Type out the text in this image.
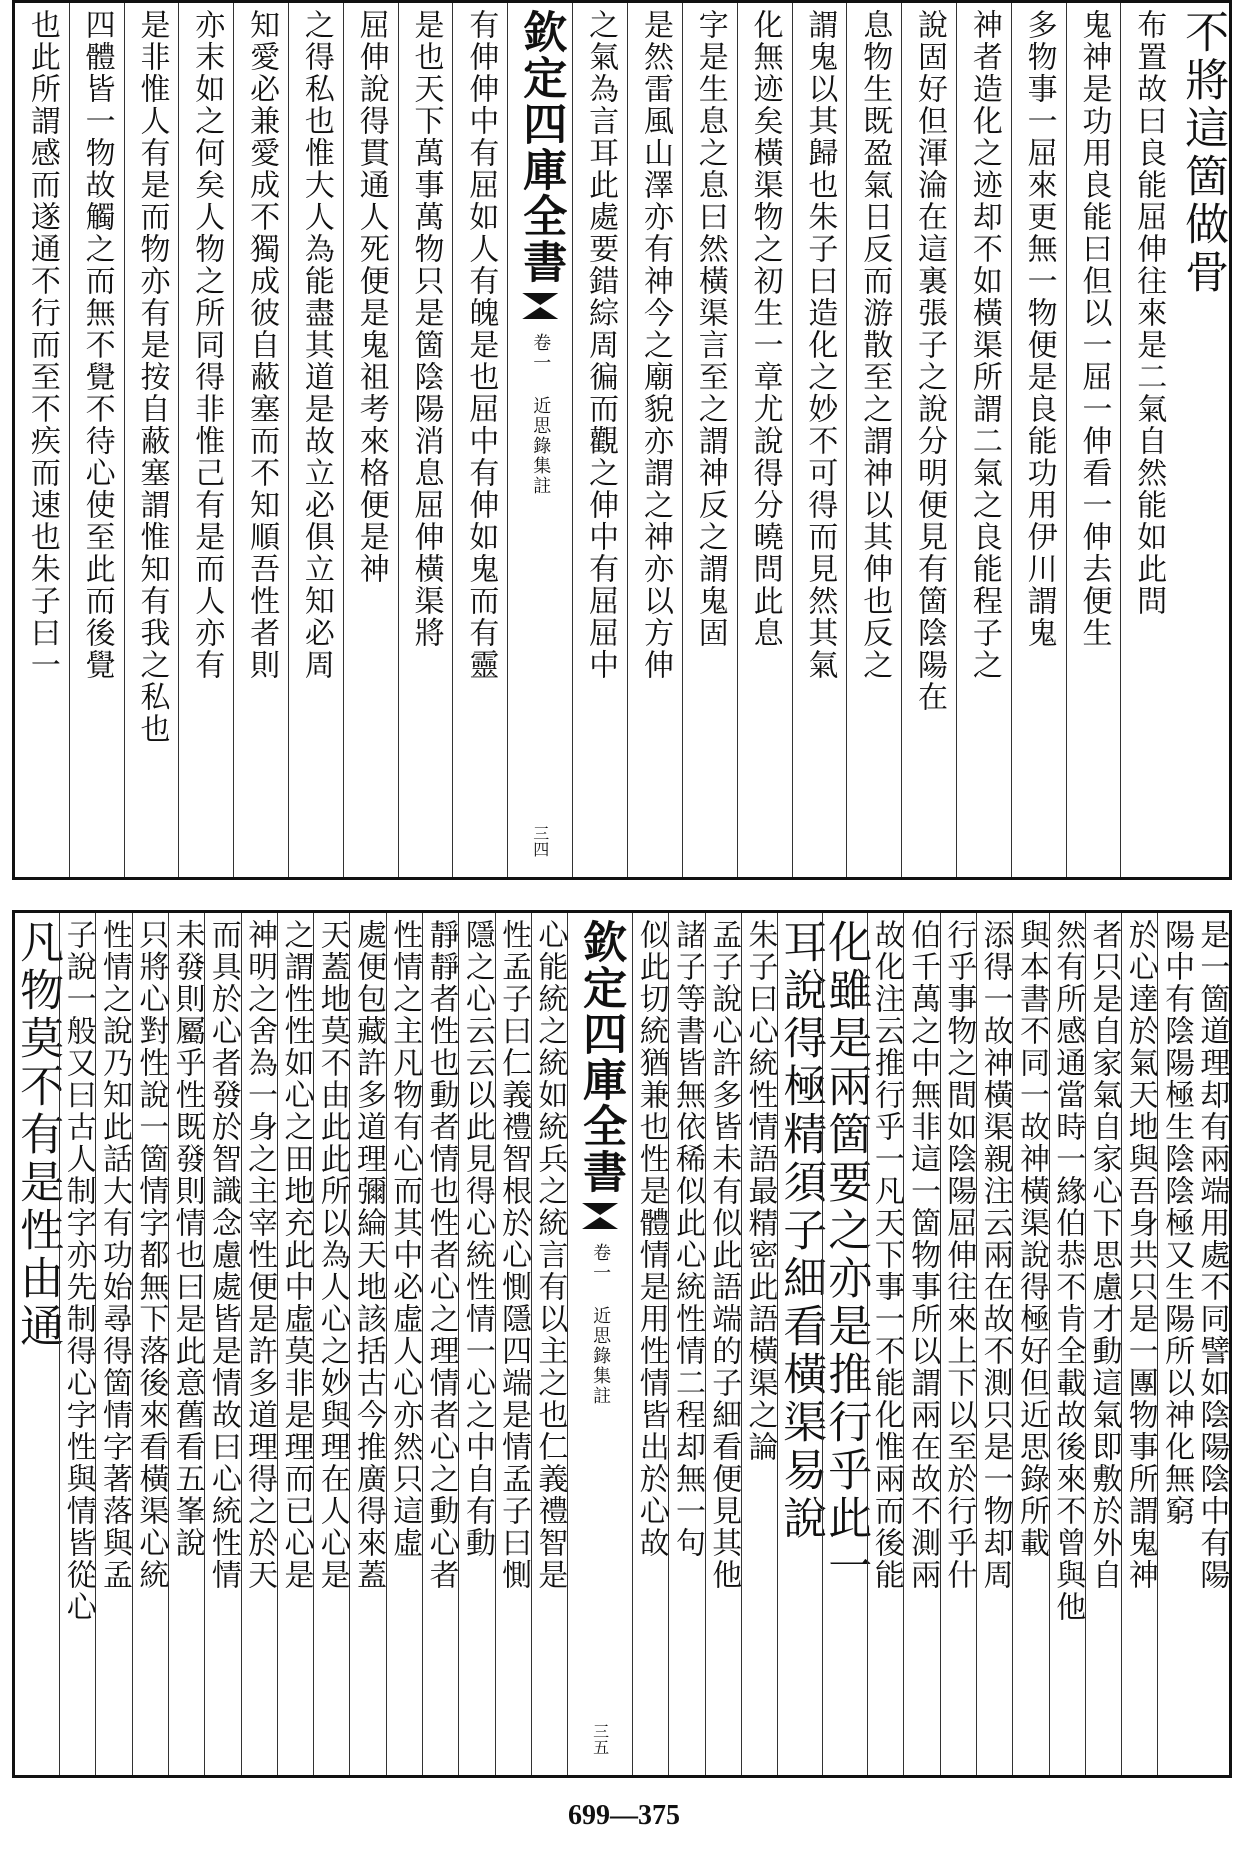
不將這箇做骨
布置故曰良能屈伸往來是二氣自然能如此問
鬼神是功用良能曰但以一屈一伸看一伸去便生
多物事一屈來更無一物便是良能功用伊川謂鬼
神者造化之迹却不如橫渠所謂二氣之良能程子之
說固好但渾淪在這裏張子之說分明便見有箇陰陽在
息物生既盈氣日反而游散至之謂神以其伸也反之
謂鬼以其歸也朱子曰造化之妙不可得而見然其氣
化無迹矣橫渠物之初生一章尤說得分曉問此息
字是生息之息曰然橫渠言至之謂神反之謂鬼固
是然雷風山澤亦有神今之廟貌亦謂之神亦以方伸
之氣為言耳此處要錯綜周徧而觀之伸中有屈屈中
欽定四庫全書
卷一 近思錄集註
三四
有伸伸中有屈如人有魄是也屈中有伸如鬼而有靈
是也天下萬事萬物只是箇陰陽消息屈伸橫渠將
屈伸說得貫通人死便是鬼祖考來格便是神
之得私也惟大人為能盡其道是故立必俱立知必周
知愛必兼愛成不獨成彼自蔽塞而不知順吾性者則
亦末如之何矣人物之所同得非惟己有是而人亦有
是非惟人有是而物亦有是按自蔽塞謂惟知有我之私也
四體皆一物故觸之而無不覺不待心使至此而後覺
也此所謂感而遂通不行而至不疾而速也朱子曰一
是一箇道理却有兩端用處不同譬如陰陽陰中有陽
陽中有陰陽極生陰陰極又生陽所以神化無窮
於心達於氣天地與吾身共只是一團物事所謂鬼神
者只是自家氣自家心下思慮才動這氣即敷於外自
然有所感通當時一緣伯恭不肯全載故後來不曾與他
與本書不同一故神橫渠說得極好但近思錄所載
添得一故神橫渠親注云兩在故不測只是一物却周
行乎事物之間如陰陽屈伸往來上下以至於行乎什
伯千萬之中無非這一箇物事所以謂兩在故不測兩
故化注云推行乎一凡天下事一不能化惟兩而後能
化雖是兩箇要之亦是推行乎此一
耳說得極精須子細看橫渠易說
朱子曰心統性情語最精密此語橫渠之論
孟子說心許多皆未有似此語端的子細看便見其他
諸子等書皆無依稀似此心統性情二程却無一句
似此切統猶兼也性是體情是用性情皆出於心故
欽定四庫全書
卷一 近思錄集註
三五
心能統之統如統兵之統言有以主之也仁義禮智是
性孟子曰仁義禮智根於心惻隱四端是情孟子曰惻
隱之心云云以此見得心統性情一心之中自有動
靜靜者性也動者情也性者心之理情者心之動心者
性情之主凡物有心而其中必虛人心亦然只這虛
處便包藏許多道理彌綸天地該括古今推廣得來蓋
天蓋地莫不由此此所以為人心之妙與理在人心是
之謂性性如心之田地充此中虛莫非是理而已心是
神明之舍為一身之主宰性便是許多道理得之於天
而具於心者發於智識念慮處皆是情故曰心統性情
未發則屬乎性既發則情也曰是此意舊看五峯說
只將心對性說一箇情字都無下落後來看橫渠心統
性情之說乃知此話大有功始尋得箇情字著落與孟
子說一般又曰古人制字亦先制得心字性與情皆從心
凡物莫不有是性由通
699—375
